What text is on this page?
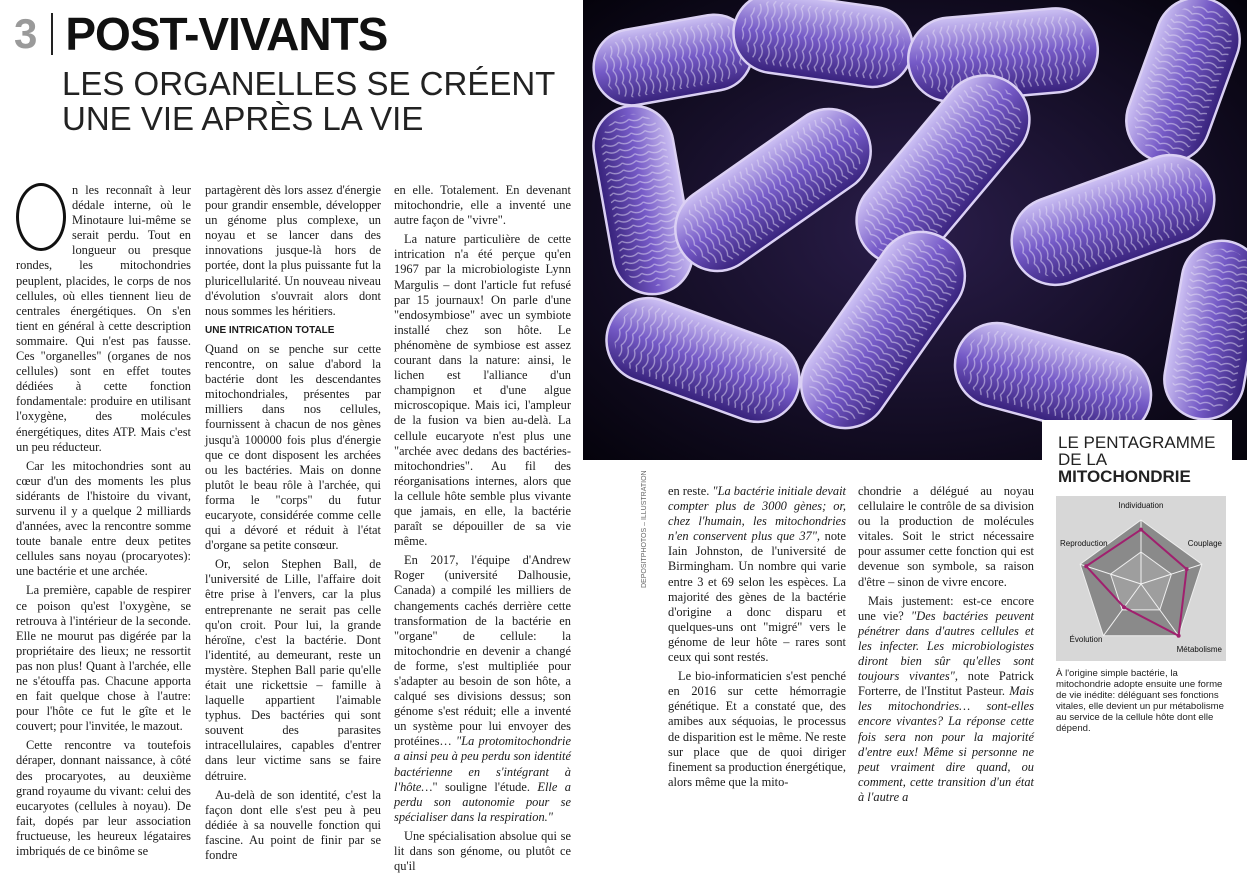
3 POST-VIVANTS
LES ORGANELLES SE CRÉENT
UNE VIE APRÈS LA VIE

n les reconnaît à leur dédale interne, où le Minotaure lui-même se serait perdu. Tout en longueur ou presque rondes, les mitochondries peuplent, placides, le corps de nos cellules, où elles tiennent lieu de centrales énergétiques. On s'en tient en général à cette description sommaire. Qui n'est pas fausse. Ces "organelles" (organes de nos cellules) sont en effet toutes dédiées à cette fonction fondamentale: produire en utilisant l'oxygène, des molécules énergétiques, dites ATP. Mais c'est un peu réducteur.

Car les mitochondries sont au cœur d'un des moments les plus sidérants de l'histoire du vivant, survenu il y a quelque 2 milliards d'années, avec la rencontre somme toute banale entre deux petites cellules sans noyau (procaryotes): une bactérie et une archée.

La première, capable de respirer ce poison qu'est l'oxygène, se retrouva à l'intérieur de la seconde. Elle ne mourut pas digérée par la propriétaire des lieux; ne ressortit pas non plus! Quant à l'archée, elle ne s'étouffa pas. Chacune apporta en fait quelque chose à l'autre: pour l'hôte ce fut le gîte et le couvert; pour l'invitée, le mazout.

Cette rencontre va toutefois déraper, donnant naissance, à côté des procaryotes, au deuxième grand royaume du vivant: celui des eucaryotes (cellules à noyau). De fait, dopés par leur association fructueuse, les heureux légataires imbriqués de ce binôme se

partagèrent dès lors assez d'énergie pour grandir ensemble, développer un génome plus complexe, un noyau et se lancer dans des innovations jusque-là hors de portée, dont la plus puissante fut la pluricellularité. Un nouveau niveau d'évolution s'ouvrait alors dont nous sommes les héritiers.

UNE INTRICATION TOTALE

Quand on se penche sur cette rencontre, on salue d'abord la bactérie dont les descendantes mitochondriales, présentes par milliers dans nos cellules, fournissent à chacun de nos gènes jusqu'à 100000 fois plus d'énergie que ce dont disposent les archées ou les bactéries. Mais on donne plutôt le beau rôle à l'archée, qui forma le "corps" du futur eucaryote, considérée comme celle qui a dévoré et réduit à l'état d'organe sa petite consœur.

Or, selon Stephen Ball, de l'université de Lille, l'affaire doit être prise à l'envers, car la plus entreprenante ne serait pas celle qu'on croit. Pour lui, la grande héroïne, c'est la bactérie. Dont l'identité, au demeurant, reste un mystère. Stephen Ball parie qu'elle était une rickettsie – famille à laquelle appartient l'aimable typhus. Des bactéries qui sont souvent des parasites intracellulaires, capables d'entrer dans leur victime sans se faire détruire.

Au-delà de son identité, c'est la façon dont elle s'est peu à peu dédiée à sa nouvelle fonction qui fascine. Au point de finir par se fondre

en elle. Totalement. En devenant mitochondrie, elle a inventé une autre façon de "vivre".

La nature particulière de cette intrication n'a été perçue qu'en 1967 par la microbiologiste Lynn Margulis – dont l'article fut refusé par 15 journaux! On parle d'une "endosymbiose" avec un symbiote installé chez son hôte. Le phénomène de symbiose est assez courant dans la nature: ainsi, le lichen est l'alliance d'un champignon et d'une algue microscopique. Mais ici, l'ampleur de la fusion va bien au-delà. La cellule eucaryote n'est plus une "archée avec dedans des bactéries-mitochondries". Au fil des réorganisations internes, alors que la cellule hôte semble plus vivante que jamais, en elle, la bactérie paraît se dépouiller de sa vie même.

En 2017, l'équipe d'Andrew Roger (université Dalhousie, Canada) a compilé les milliers de changements cachés derrière cette transformation de la bactérie en "organe" de cellule: la mitochondrie en devenir a changé de forme, s'est multipliée pour s'adapter au besoin de son hôte, a calqué ses divisions dessus; son génome s'est réduit; elle a inventé un système pour lui envoyer des protéines… "La protomitochondrie a ainsi peu à peu perdu son identité bactérienne en s'intégrant à l'hôte…" souligne l'étude. Elle a perdu son autonomie pour se spécialiser dans la respiration."

Une spécialisation absolue qui se lit dans son génome, ou plutôt ce qu'il

en reste. "La bactérie initiale devait compter plus de 3000 gènes; or, chez l'humain, les mitochondries n'en conservent plus que 37", note Iain Johnston, de l'université de Birmingham. Un nombre qui varie entre 3 et 69 selon les espèces. La majorité des gènes de la bactérie d'origine a donc disparu et quelques-uns ont "migré" vers le génome de leur hôte – rares sont ceux qui sont restés.

Le bio-informaticien s'est penché en 2016 sur cette hémorragie génétique. Et a constaté que, des amibes aux séquoias, le processus de disparition est le même. Ne reste sur place que de quoi diriger finement sa production énergétique, alors même que la mito-

DEPOSITPHOTOS – ILLUSTRATION	chondrie a délégué au noyau cellulaire le contrôle de sa division ou la production de molécules vitales. Soit le strict nécessaire pour assumer cette fonction qui est devenue son symbole, sa raison d'être – sinon de vivre encore.

Mais justement: est-ce encore une vie? "Des bactéries peuvent pénétrer dans d'autres cellules et les infecter. Les microbiologistes diront bien sûr qu'elles sont toujours vivantes", note Patrick Forterre, de l'Institut Pasteur. Mais les mitochondries… sont-elles encore vivantes? La réponse cette fois sera non pour la majorité d'entre eux! Même si personne ne peut vraiment dire quand, ou comment, cette transition d'un état à l'autre a

LE PENTAGRAMME
DE LA
MITOCHONDRIE
Individuation
Couplage
Métabolisme
Évolution
Reproduction
À l'origine simple bactérie, la mitochondrie adopte ensuite une forme de vie inédite: déléguant ses fonctions vitales, elle devient un pur métabolisme au service de la cellule hôte dont elle dépend.
